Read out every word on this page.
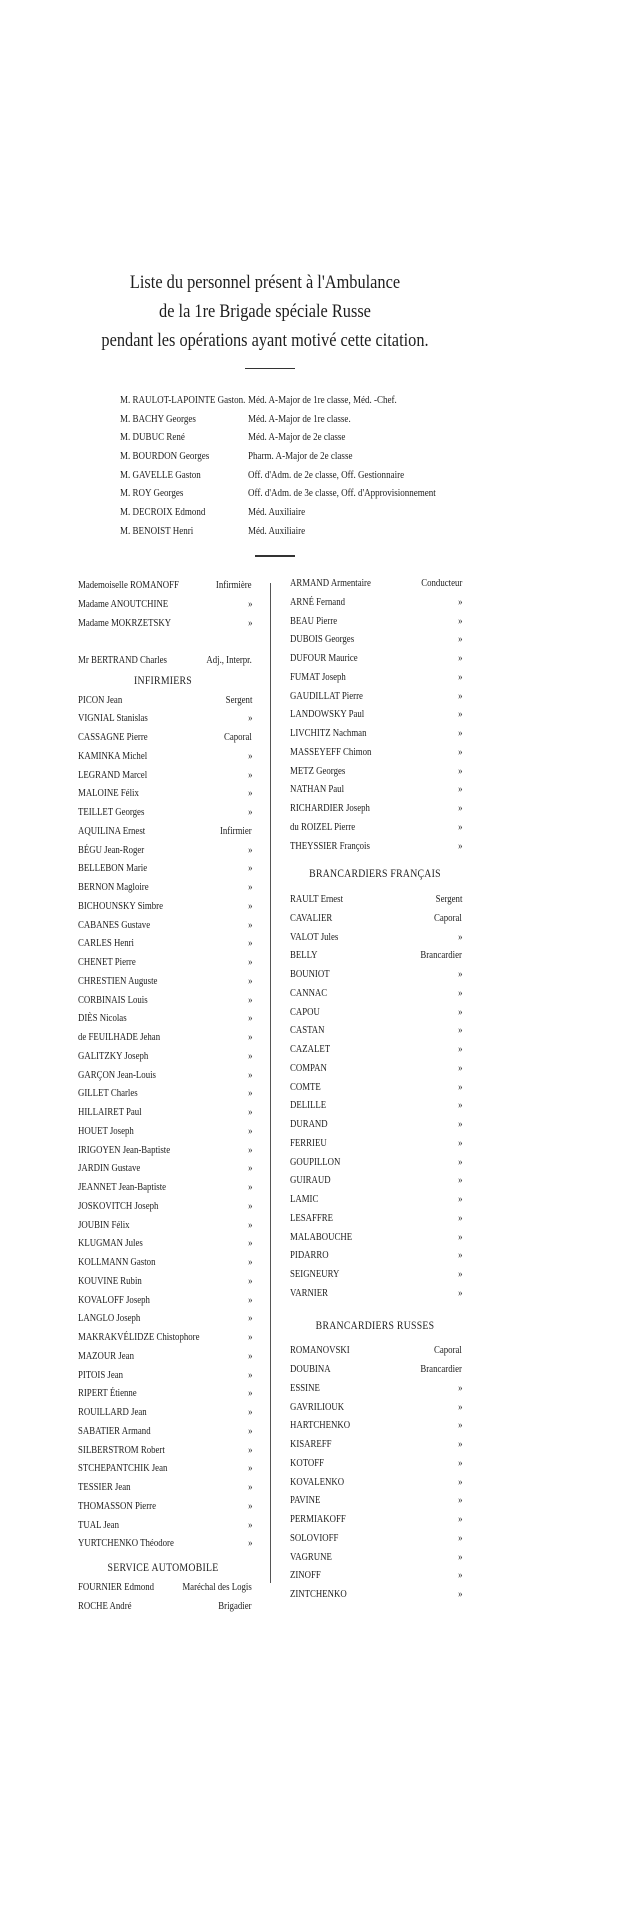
Liste du personnel présent à l'Ambulance
de la 1re Brigade spéciale Russe
pendant les opérations ayant motivé cette citation.
M. RAULOT-LAPOINTE Gaston. Méd. A-Major de 1re classe, Méd. -Chef.
M. BACHY Georges	Méd. A-Major de 1re classe.
M. DUBUC René	Méd. A-Major de 2e classe
M. BOURDON Georges	Pharm. A-Major de 2e classe
M. GAVELLE Gaston	Off. d'Adm. de 2e classe, Off. Gestionnaire
M. ROY Georges	Off. d'Adm. de 3e classe, Off. d'Approvisionnement
M. DECROIX Edmond	Méd. Auxiliaire
M. BENOIST Henri	Méd. Auxiliaire
Mademoiselle ROMANOFF	Infirmière
Madame ANOUTCHINE	»
Madame MOKRZETSKY	»
Mr BERTRAND Charles	Adj., Interpr.
INFIRMIERS
PICON Jean	Sergent
VIGNIAL Stanislas	»
CASSAGNE Pierre	Caporal
KAMINKA Michel	»
LEGRAND Marcel	»
MALOINE Félix	»
TEILLET Georges	»
AQUILINA Ernest	Infirmier
BÉGU Jean-Roger	»
BELLEBON Marie	»
BERNON Magloire	»
BICHOUNSKY Simbre	»
CABANES Gustave	»
CARLES Henri	»
CHENET Pierre	»
CHRESTIEN Auguste	»
CORBINAIS Louis	»
DIÈS Nicolas	»
de FEUILHADE Jehan	»
GALITZKY Joseph	»
GARÇON Jean-Louis	»
GILLET Charles	»
HILLAIRET Paul	»
HOUET Joseph	»
IRIGOYEN Jean-Baptiste	»
JARDIN Gustave	»
JEANNET Jean-Baptiste	»
JOSKOVITCH Joseph	»
JOUBIN Félix	»
KLUGMAN Jules	»
KOLLMANN Gaston	»
KOUVINE Rubin	»
KOVALOFF Joseph	»
LANGLO Joseph	»
MAKRAKVÉLIDZE Chistophore	»
MAZOUR Jean	»
PITOIS Jean	»
RIPERT Étienne	»
ROUILLARD Jean	»
SABATIER Armand	»
SILBERSTROM Robert	»
STCHEPANTCHIK Jean	»
TESSIER Jean	»
THOMASSON Pierre	»
TUAL Jean	»
YURTCHENKO Théodore	»
SERVICE AUTOMOBILE
FOURNIER Edmond	Maréchal des Logis
ROCHE André	Brigadier
ARMAND Armentaire	Conducteur
ARNÉ Fernand	»
BEAU Pierre	»
DUBOIS Georges	»
DUFOUR Maurice	»
FUMAT Joseph	»
GAUDILLAT Pierre	»
LANDOWSKY Paul	»
LIVCHITZ Nachman	»
MASSEYEFF Chimon	»
METZ Georges	»
NATHAN Paul	»
RICHARDIER Joseph	»
du ROIZEL Pierre	»
THEYSSIER François	»
BRANCARDIERS FRANÇAIS
RAULT Ernest	Sergent
CAVALIER	Caporal
VALOT Jules	»
BELLY	Brancardier
BOUNIOT	»
CANNAC	»
CAPOU	»
CASTAN	»
CAZALET	»
COMPAN	»
COMTE	»
DELILLE	»
DURAND	»
FERRIEU	»
GOUPILLON	»
GUIRAUD	»
LAMIC	»
LESAFFRE	»
MALABOUCHE	»
PIDARRO	»
SEIGNEURY	»
VARNIER	»
BRANCARDIERS RUSSES
ROMANOVSKI	Caporal
DOUBINA	Brancardier
ESSINE	»
GAVRILIOUK	»
HARTCHENKO	»
KISAREFF	»
KOTOFF	»
KOVALENKO	»
PAVINE	»
PERMIAKOFF	»
SOLOVIOFF	»
VAGRUNE	»
ZINOFF	»
ZINTCHENKO	»
